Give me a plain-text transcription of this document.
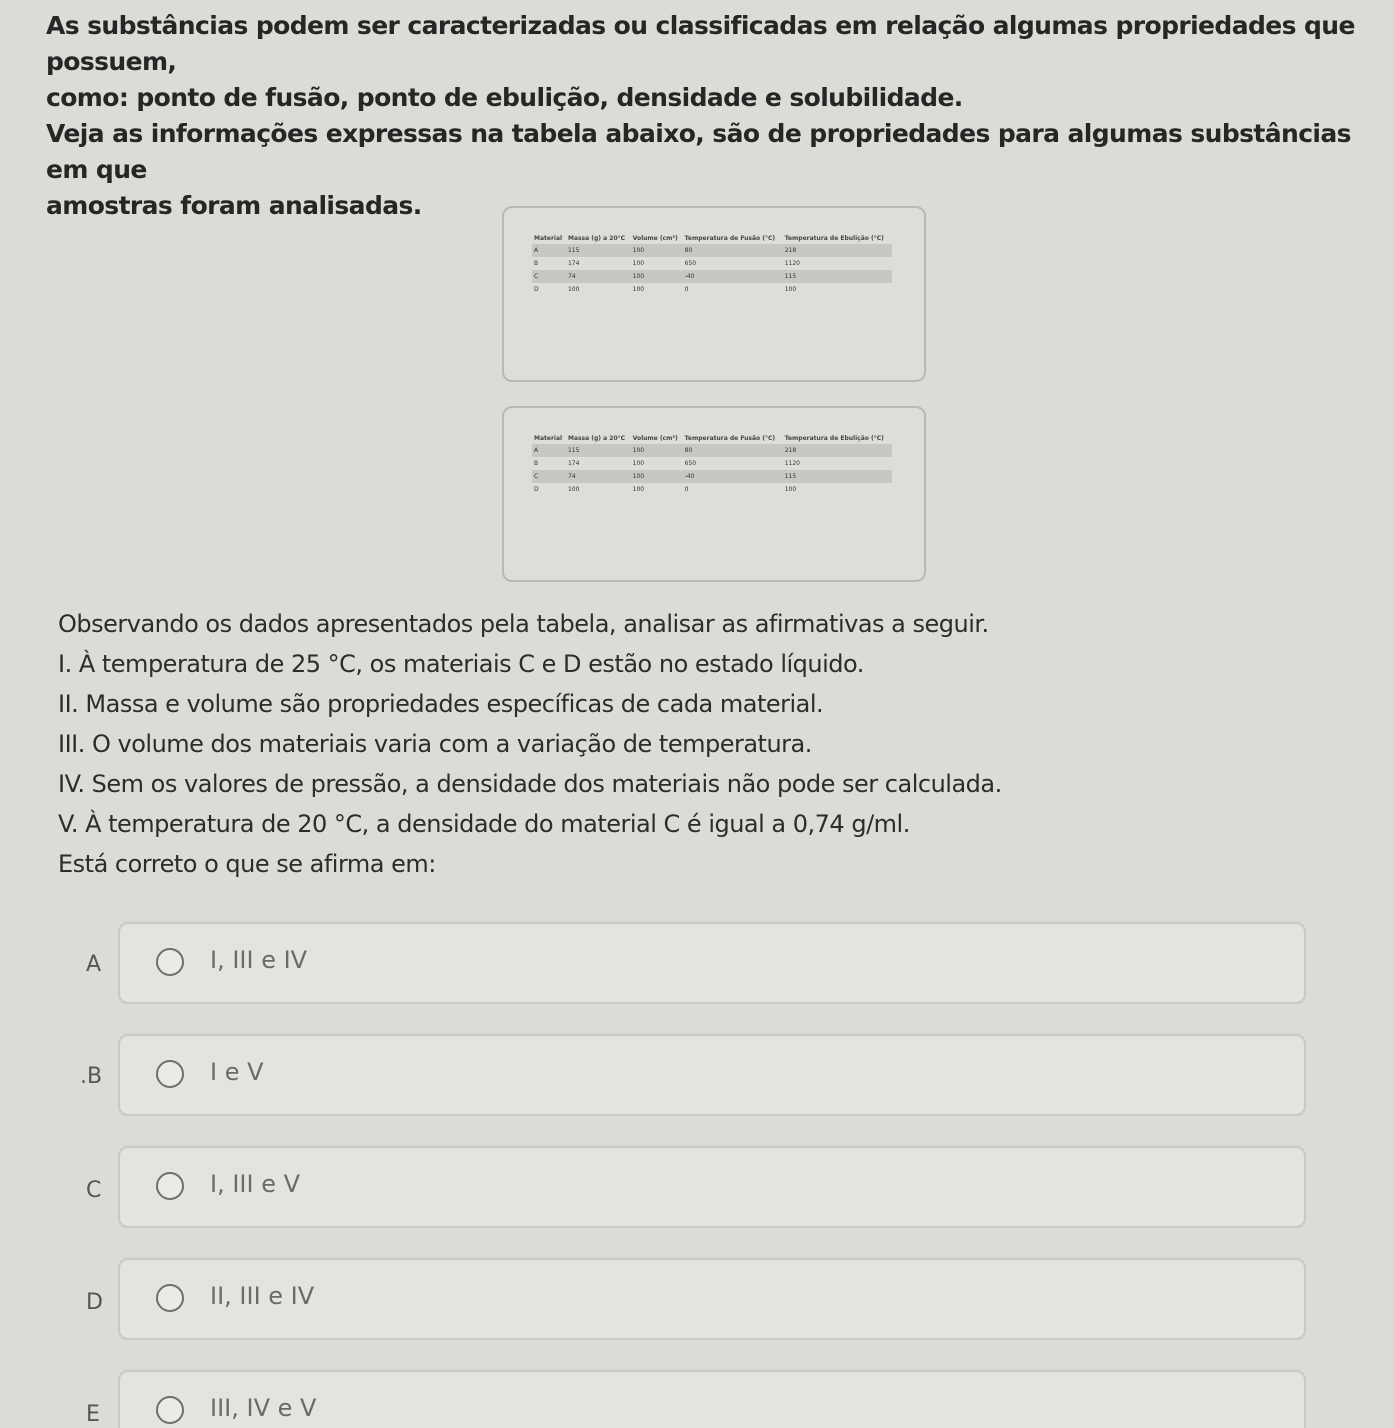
As substâncias podem ser caracterizadas ou classificadas em relação algumas propriedades que possuem,

como: ponto de fusão, ponto de ebulição, densidade e solubilidade.

Veja as informações expressas na tabela abaixo, são de propriedades para algumas substâncias em que

amostras foram analisadas.

Material	Massa (g) a 20°C	Volume (cm³)	Temperatura de Fusão (°C)	Temperatura de Ebulição (°C)
A	115	100	80	218
B	174	100	650	1120
C	74	100	-40	115
D	100	100	0	100
Material	Massa (g) a 20°C	Volume (cm³)	Temperatura de Fusão (°C)	Temperatura de Ebulição (°C)
A	115	100	80	218
B	174	100	650	1120
C	74	100	-40	115
D	100	100	0	100

Observando os dados apresentados pela tabela, analisar as afirmativas a seguir.

I. À temperatura de 25 °C, os materiais C e D estão no estado líquido.

II. Massa e volume são propriedades específicas de cada material.

III. O volume dos materiais varia com a variação de temperatura.

IV. Sem os valores de pressão, a densidade dos materiais não pode ser calculada.

V. À temperatura de 20 °C, a densidade do material C é igual a 0,74 g/ml.

Está correto o que se afirma em:

A	I, III e IV
.B	I e V
C	I, III e V
D	II, III e IV
E	III, IV e V
